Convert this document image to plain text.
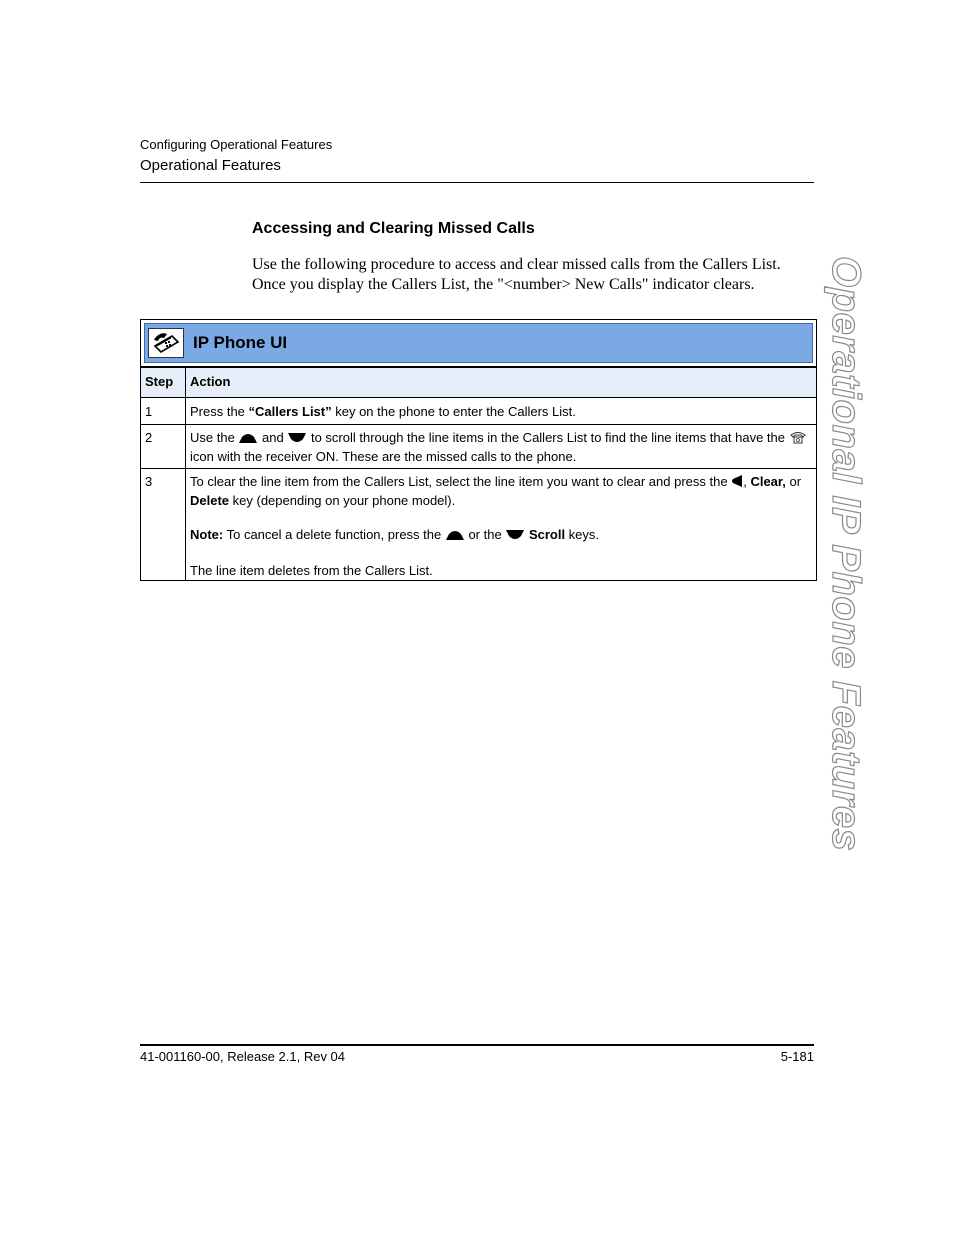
Configuring Operational Features
Operational Features
Operational IP Phone Features
Accessing and Clearing Missed Calls
Use the following procedure to access and clear missed calls from the Callers List. Once you display the Callers List, the "<number> New Calls" indicator clears.
IP Phone UI
Step	Action
1	Press the “Callers List” key on the phone to enter the Callers List.
2	Use the  and  to scroll through the line items in the Callers List to find the line items that have the  icon with the receiver ON. These are the missed calls to the phone.
3	To clear the line item from the Callers List, select the line item you want to clear and press the , Clear, or Delete key (depending on your phone model).

Note: To cancel a delete function, press the  or the  Scroll keys.

The line item deletes from the Callers List.

41-001160-00, Release 2.1, Rev 04	5-181
